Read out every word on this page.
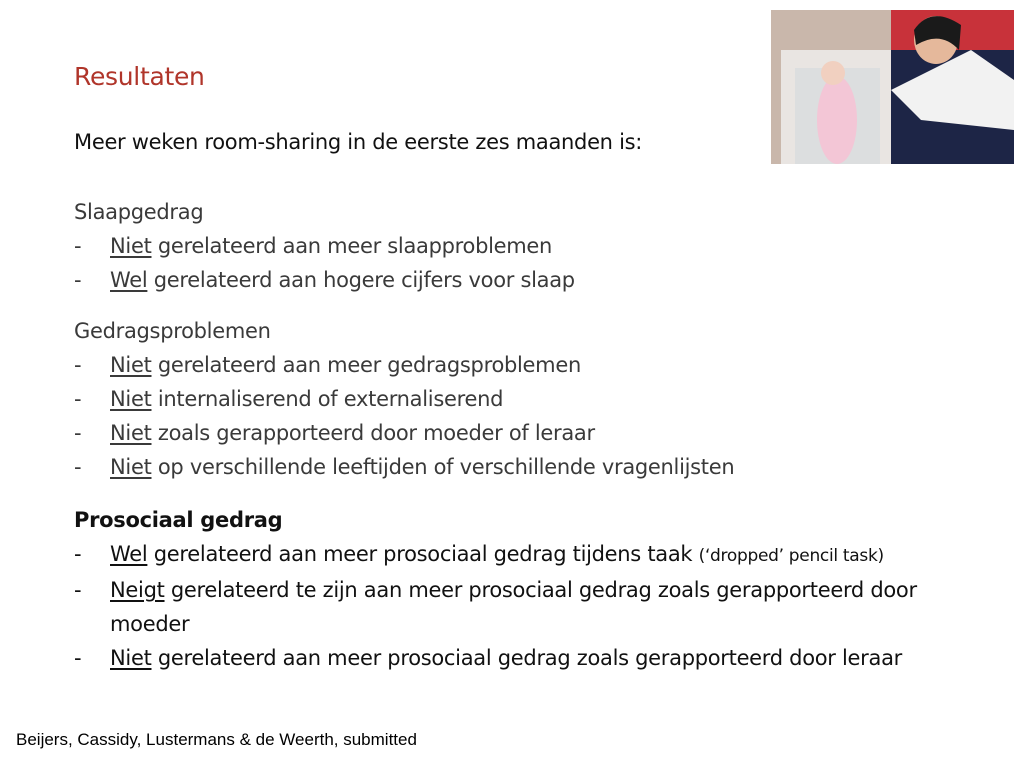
Resultaten
Meer weken room-sharing in de eerste zes maanden is:
Slaapgedrag
-	Niet gerelateerd aan meer slaapproblemen
-	Wel gerelateerd aan hogere cijfers voor slaap
Gedragsproblemen
-	Niet gerelateerd aan meer gedragsproblemen
-	Niet internaliserend of externaliserend
-	Niet zoals gerapporteerd door moeder of leraar
-	Niet op verschillende leeftijden of verschillende vragenlijsten
Prosociaal gedrag
-	Wel gerelateerd aan meer prosociaal gedrag tijdens taak (‘dropped’ pencil task)
-	Neigt gerelateerd te zijn aan meer prosociaal gedrag zoals gerapporteerd door moeder
-	Niet gerelateerd aan meer prosociaal gedrag zoals gerapporteerd door leraar
Beijers, Cassidy, Lustermans & de Weerth, submitted
